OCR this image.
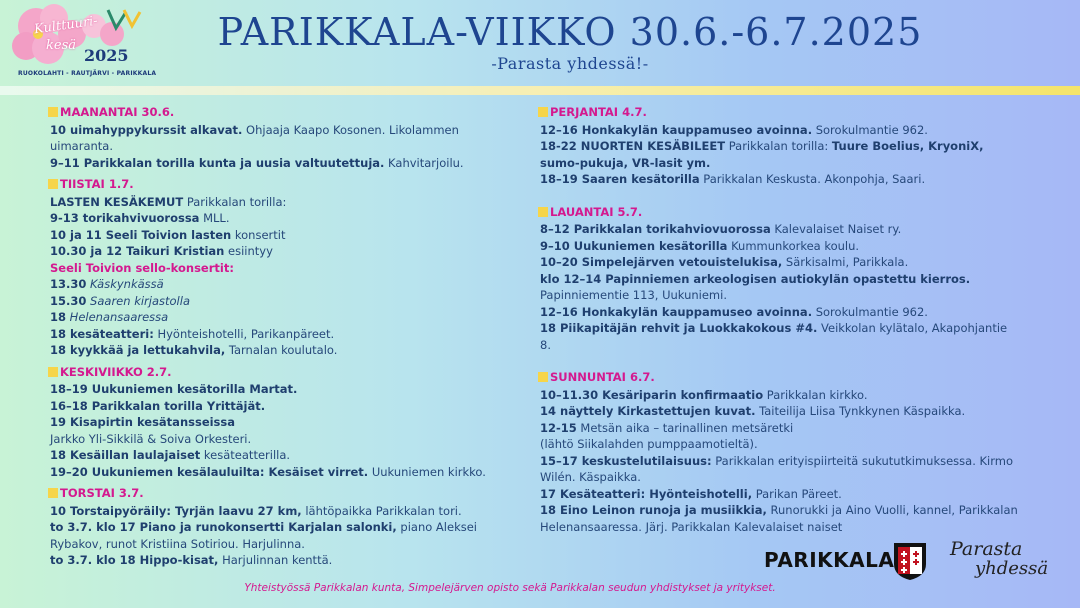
Kulttuuri-
kesä
2025
RUOKOLAHTI - RAUTJÄRVI - PARIKKALA
PARIKKALA-VIIKKO 30.6.-6.7.2025
-Parasta yhdessä!-
MAANANTAI 30.6.
10 uimahyppykurssit alkavat. Ohjaaja Kaapo Kosonen. Likolammen uimaranta.
9–11 Parikkalan torilla kunta ja uusia valtuutettuja. Kahvitarjoilu.
TIISTAI 1.7.
LASTEN KESÄKEMUT Parikkalan torilla:
9-13 torikahvivuorossa MLL.
10 ja 11 Seeli Toivion lasten konsertit
10.30 ja 12 Taikuri Kristian esiintyy
Seeli Toivion sello-konsertit:
13.30 Käskynkässä
15.30 Saaren kirjastolla
18 Helenansaaressa
18 kesäteatteri: Hyönteishotelli, Parikanpäreet.
18 kyykkää ja lettukahvila, Tarnalan koulutalo.
KESKIVIIKKO 2.7.
18–19 Uukuniemen kesätorilla Martat.
16–18 Parikkalan torilla Yrittäjät.
19 Kisapirtin kesätansseissa
Jarkko Yli-Sikkilä & Soiva Orkesteri.
18 Kesäillan laulajaiset kesäteatterilla.
19–20 Uukuniemen kesälauluilta: Kesäiset virret. Uukuniemen kirkko.
TORSTAI 3.7.
10 Torstaipyöräily: Tyrjän laavu 27 km, lähtöpaikka Parikkalan tori.
to 3.7. klo 17 Piano ja runokonsertti Karjalan salonki, piano Aleksei Rybakov, runot Kristiina Sotiriou. Harjulinna.
to 3.7. klo 18 Hippo-kisat, Harjulinnan kenttä.
PERJANTAI 4.7.
12–16 Honkakylän kauppamuseo avoinna. Sorokulmantie 962.
18-22 NUORTEN KESÄBILEET Parikkalan torilla: Tuure Boelius, KryoniX, sumo-pukuja, VR-lasit ym.
18–19 Saaren kesätorilla Parikkalan Keskusta. Akonpohja, Saari.
LAUANTAI 5.7.
8–12 Parikkalan torikahviovuorossa Kalevalaiset Naiset ry.
9–10 Uukuniemen kesätorilla Kummunkorkea koulu.
10–20 Simpelejärven vetouistelukisa, Särkisalmi, Parikkala.
klo 12–14 Papinniemen arkeologisen autiokylän opastettu kierros. Papinniementie 113, Uukuniemi.
12–16 Honkakylän kauppamuseo avoinna. Sorokulmantie 962.
18 Piikapitäjän rehvit ja Luokkakokous #4. Veikkolan kylätalo, Akapohjantie 8.
SUNNUNTAI 6.7.
10–11.30 Kesäriparin konfirmaatio Parikkalan kirkko.
14 näyttely Kirkastettujen kuvat. Taiteilija Liisa Tynkkynen Käspaikka.
12-15 Metsän aika – tarinallinen metsäretki
(lähtö Siikalahden pumppaamotieltä).
15–17 keskustelutilaisuus: Parikkalan erityispiirteitä sukututkimuksessa. Kirmo Wilén. Käspaikka.
17 Kesäteatteri: Hyönteishotelli, Parikan Päreet.
18 Eino Leinon runoja ja musiikkia, Runorukki ja Aino Vuolli, kannel, Parikkalan Helenansaaressa. Järj. Parikkalan Kalevalaiset naiset
PARIKKALA	Parasta
yhdessä
Yhteistyössä Parikkalan kunta, Simpelejärven opisto sekä Parikkalan seudun yhdistykset ja yritykset.
